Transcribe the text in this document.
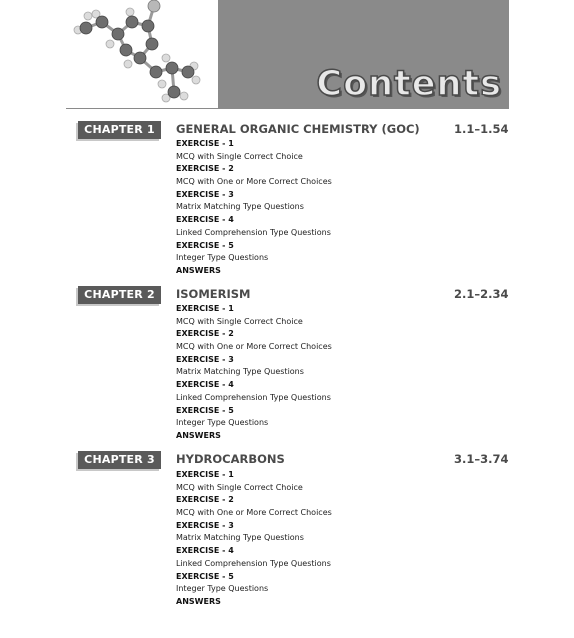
Contents
CHAPTER 1	GENERAL ORGANIC CHEMISTRY (GOC)	1.1–1.54
EXERCISE - 1
MCQ with Single Correct Choice
EXERCISE - 2
MCQ with One or More Correct Choices
EXERCISE - 3
Matrix Matching Type Questions
EXERCISE - 4
Linked Comprehension Type Questions
EXERCISE - 5
Integer Type Questions
ANSWERS
CHAPTER 2	ISOMERISM	2.1–2.34
EXERCISE - 1
MCQ with Single Correct Choice
EXERCISE - 2
MCQ with One or More Correct Choices
EXERCISE - 3
Matrix Matching Type Questions
EXERCISE - 4
Linked Comprehension Type Questions
EXERCISE - 5
Integer Type Questions
ANSWERS
CHAPTER 3	HYDROCARBONS	3.1–3.74
EXERCISE - 1
MCQ with Single Correct Choice
EXERCISE - 2
MCQ with One or More Correct Choices
EXERCISE - 3
Matrix Matching Type Questions
EXERCISE - 4
Linked Comprehension Type Questions
EXERCISE - 5
Integer Type Questions
ANSWERS
